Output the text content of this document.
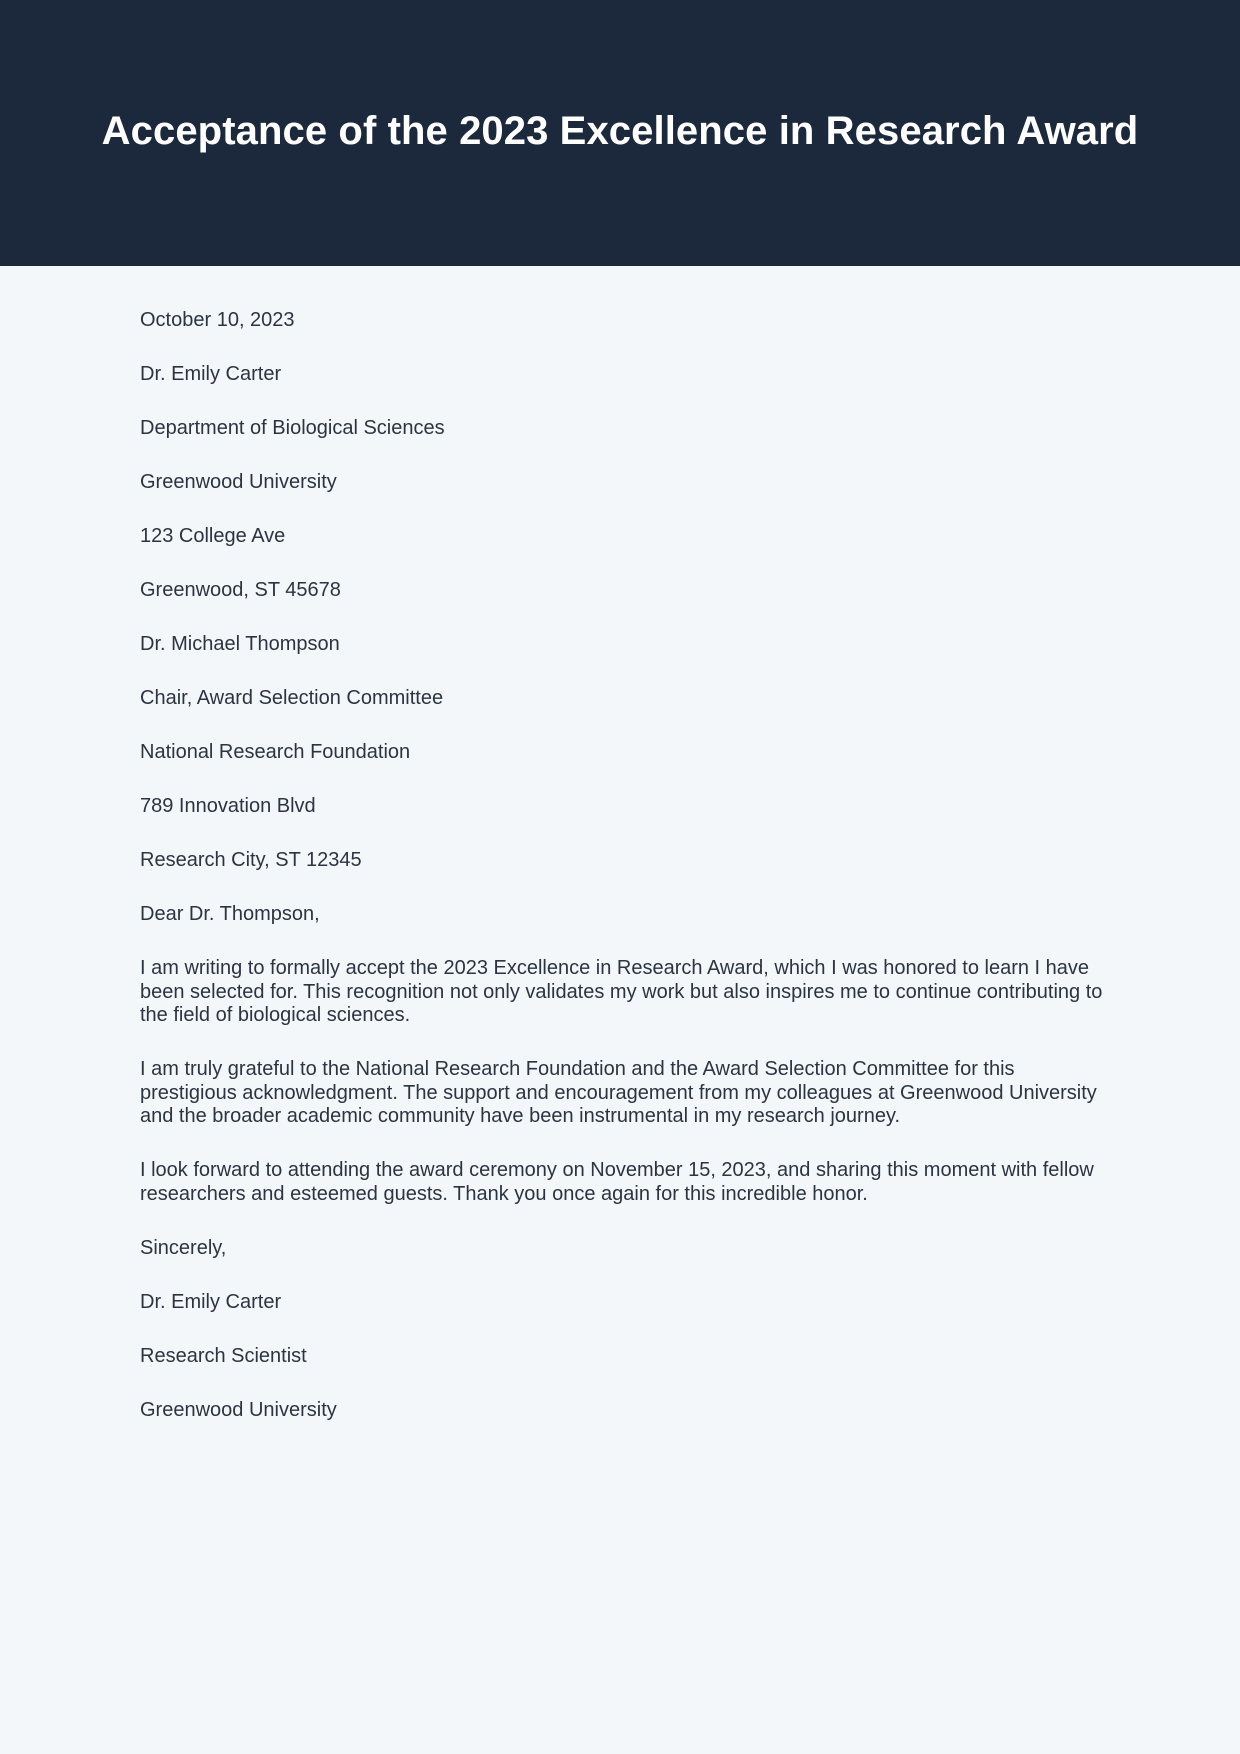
Acceptance of the 2023 Excellence in Research Award

October 10, 2023

Dr. Emily Carter

Department of Biological Sciences

Greenwood University

123 College Ave

Greenwood, ST 45678

Dr. Michael Thompson

Chair, Award Selection Committee

National Research Foundation

789 Innovation Blvd

Research City, ST 12345

Dear Dr. Thompson,

I am writing to formally accept the 2023 Excellence in Research Award, which I was honored to learn I have been selected for. This recognition not only validates my work but also inspires me to continue contributing to the field of biological sciences.

I am truly grateful to the National Research Foundation and the Award Selection Committee for this prestigious acknowledgment. The support and encouragement from my colleagues at Greenwood University and the broader academic community have been instrumental in my research journey.

I look forward to attending the award ceremony on November 15, 2023, and sharing this moment with fellow researchers and esteemed guests. Thank you once again for this incredible honor.

Sincerely,

Dr. Emily Carter

Research Scientist

Greenwood University
